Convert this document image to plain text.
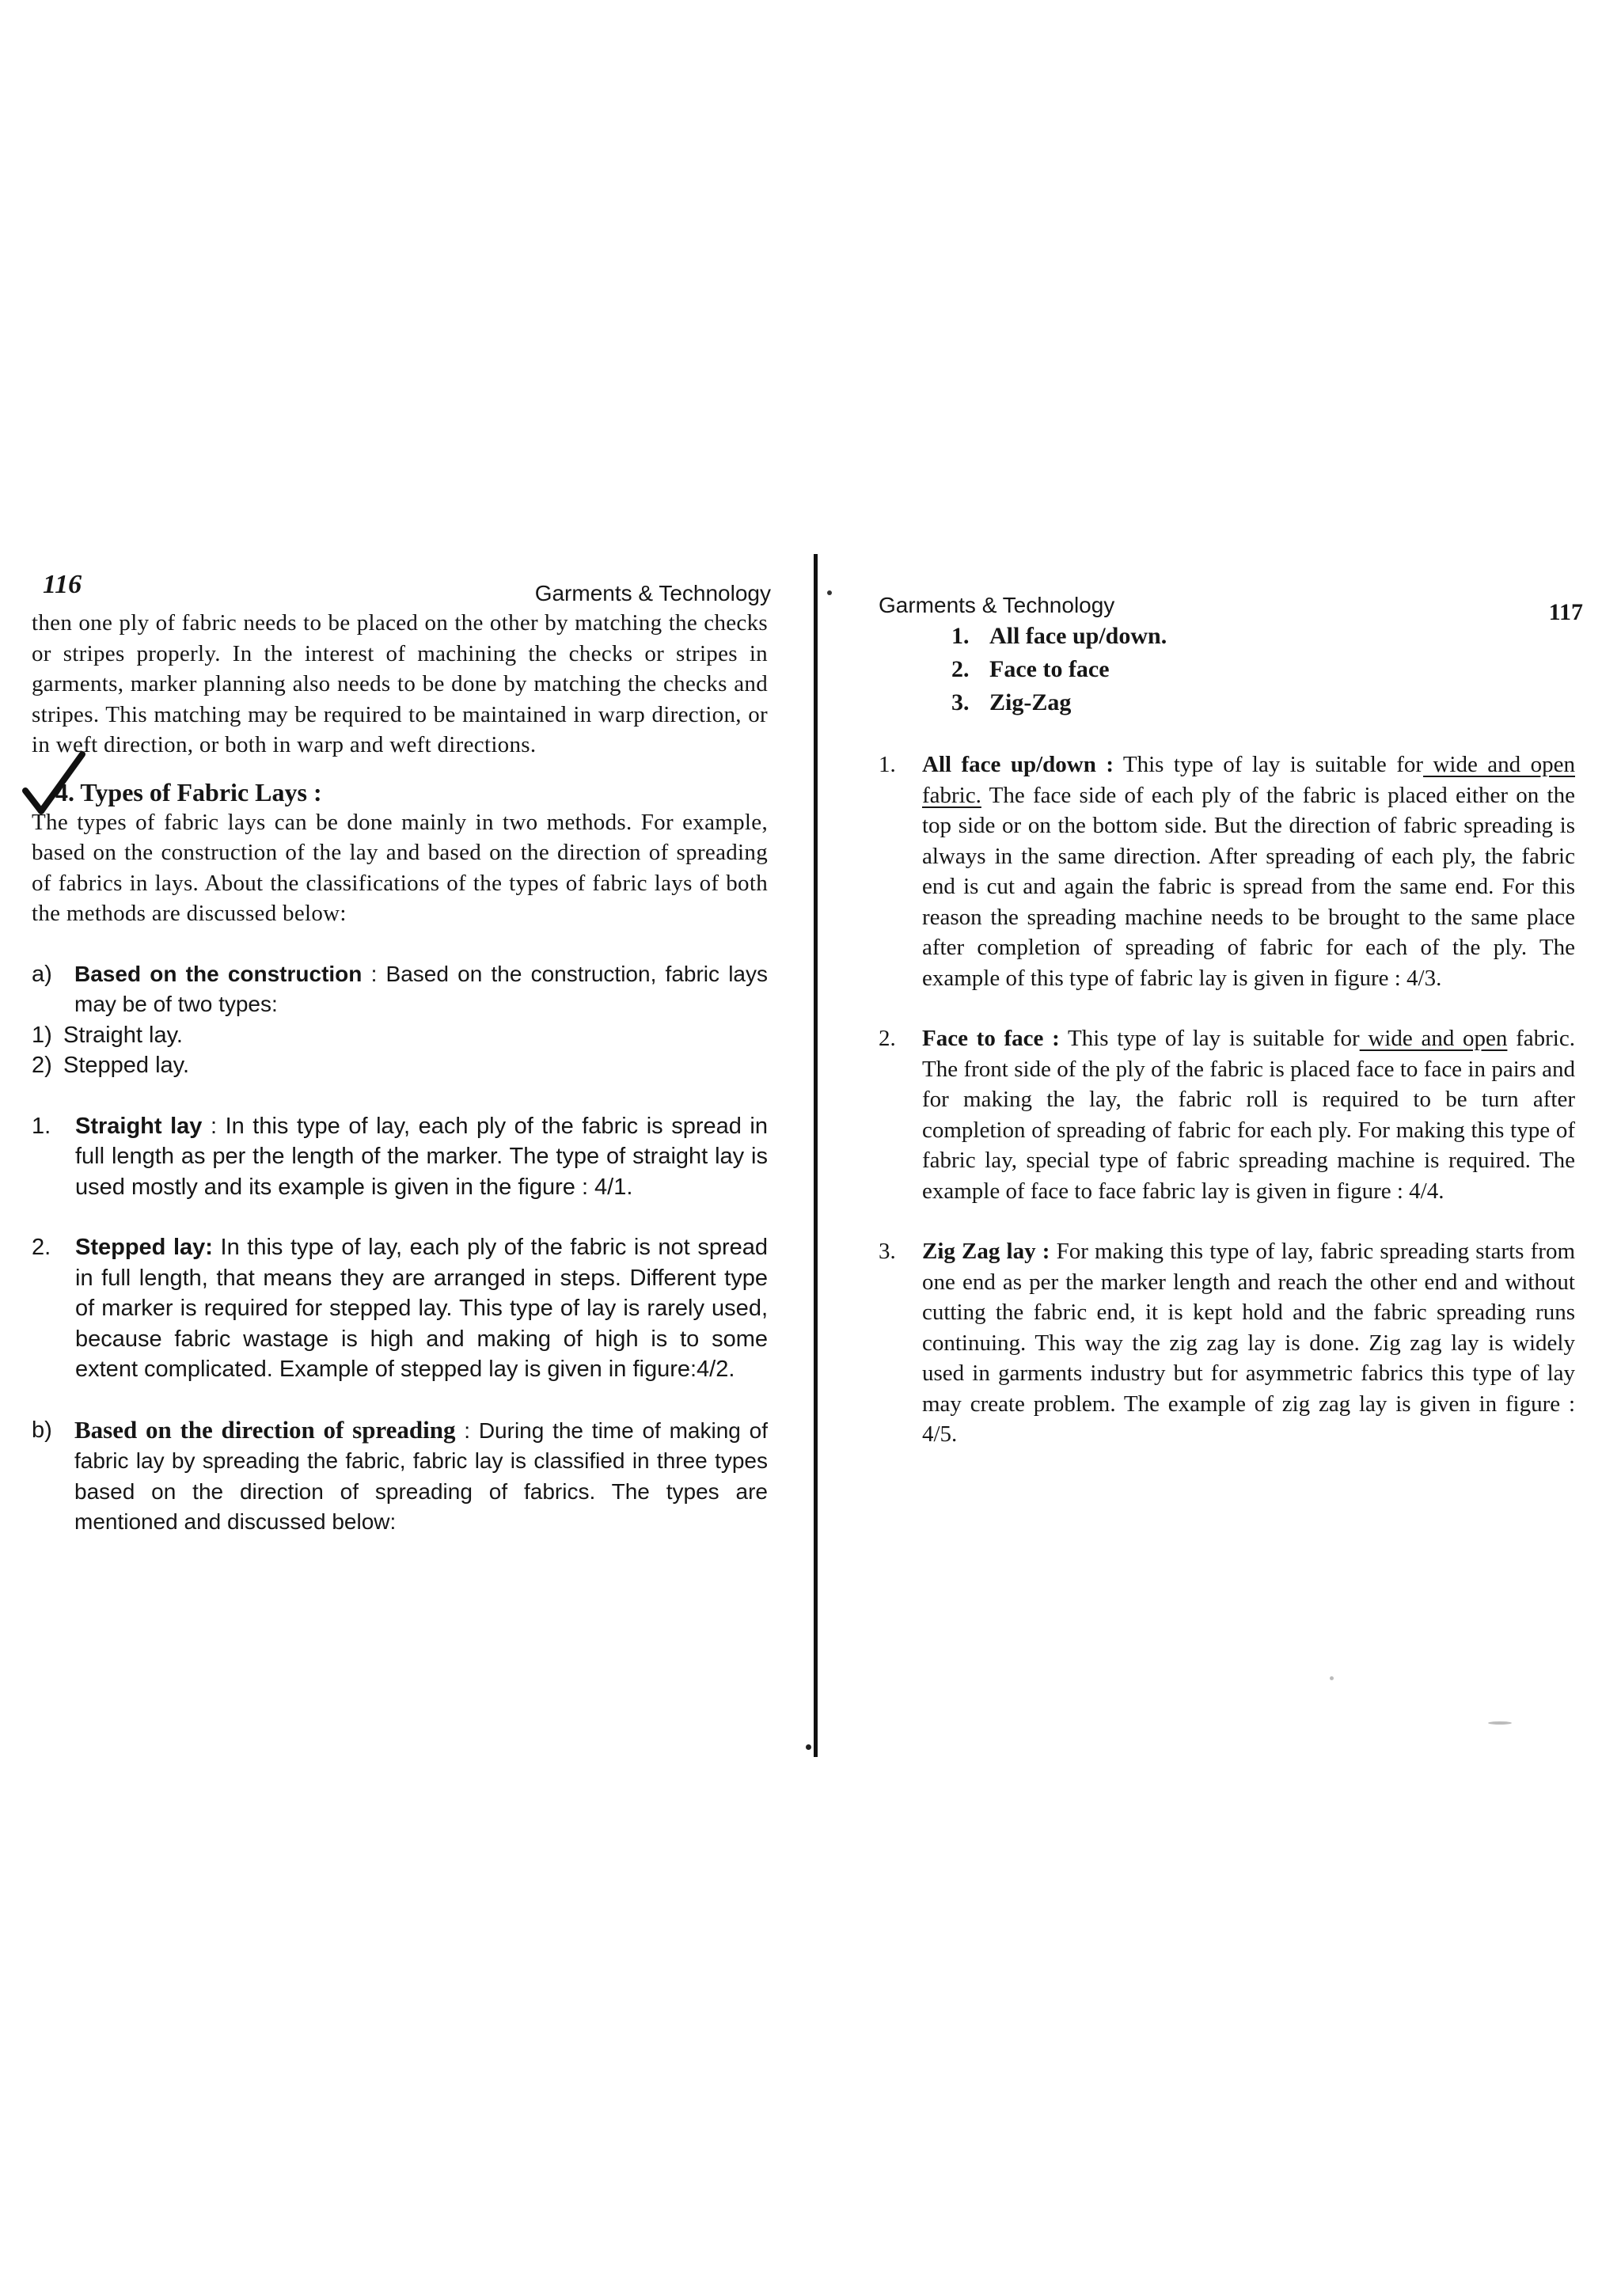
116	Garments & Technology

then one ply of fabric needs to be placed on the other by matching the checks or stripes properly. In the interest of machining the checks or stripes in garments, marker planning also needs to be done by matching the checks and stripes. This matching may be required to be maintained in warp direction, or in weft direction, or both in warp and weft directions.

4. Types of Fabric Lays :

The types of fabric lays can be done mainly in two methods. For example, based on the construction of the lay and based on the direction of spreading of fabrics in lays. About the classifications of the types of fabric lays of both the methods are discussed below:

a)	Based on the construction : Based on the construction, fabric lays may be of two types:
1) Straight lay.
2) Stepped lay.
1.	Straight lay : In this type of lay, each ply of the fabric is spread in full length as per the length of the marker. The type of straight lay is used mostly and its example is given in the figure : 4/1.
2.	Stepped lay: In this type of lay, each ply of the fabric is not spread in full length, that means they are arranged in steps. Different type of marker is required for stepped lay. This type of lay is rarely used, because fabric wastage is high and making of high is to some extent complicated. Example of stepped lay is given in figure:4/2.
b) Based on the direction of spreading : During the time of making of fabric lay by spreading the fabric, fabric lay is classified in three types based on the direction of spreading of fabrics. The types are mentioned and discussed below:
Garments & Technology	117
1. All face up/down.
2. Face to face
3. Zig-Zag
1.	All face up/down : This type of lay is suitable for wide and open fabric. The face side of each ply of the fabric is placed either on the top side or on the bottom side. But the direction of fabric spreading is always in the same direction. After spreading of each ply, the fabric end is cut and again the fabric is spread from the same end. For this reason the spreading machine needs to be brought to the same place after completion of spreading of fabric for each of the ply. The example of this type of fabric lay is given in figure : 4/3.
2.	Face to face : This type of lay is suitable for wide and open fabric. The front side of the ply of the fabric is placed face to face in pairs and for making the lay, the fabric roll is required to be turn after completion of spreading of fabric for each ply. For making this type of fabric lay, special type of fabric spreading machine is required. The example of face to face fabric lay is given in figure : 4/4.
3.	Zig Zag lay : For making this type of lay, fabric spreading starts from one end as per the marker length and reach the other end and without cutting the fabric end, it is kept hold and the fabric spreading runs continuing. This way the zig zag lay is done. Zig zag lay is widely used in garments industry but for asymmetric fabrics this type of lay may create problem. The example of zig zag lay is given in figure : 4/5.
